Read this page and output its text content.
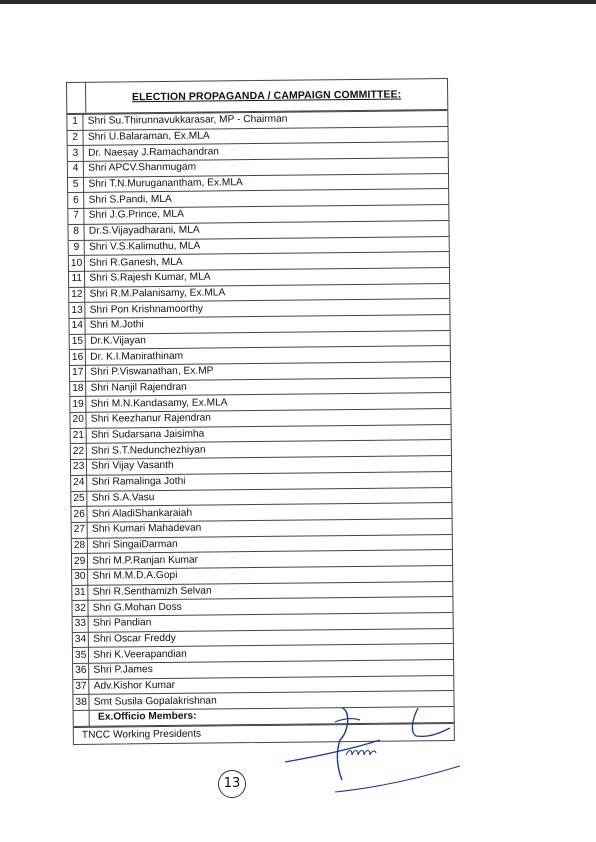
ELECTION PROPAGANDA / CAMPAIGN COMMITTEE:
1	Shri Su.Thirunnavukkarasar, MP - Chairman
2	Shri U.Balaraman, Ex.MLA
3	Dr. Naesay J.Ramachandran
4	Shri APCV.Shanmugam
5	Shri T.N.Muruganantham, Ex.MLA
6	Shri S.Pandi, MLA
7	Shri J.G.Prince, MLA
8	Dr.S.Vijayadharani, MLA
9	Shri V.S.Kalimuthu, MLA
10	Shri R.Ganesh, MLA
11	Shri S.Rajesh Kumar, MLA
12	Shri R.M.Palanisamy, Ex.MLA
13	Shri Pon Krishnamoorthy
14	Shri M.Jothi
15	Dr.K.Vijayan
16	Dr. K.I.Manirathinam
17	Shri P.Viswanathan, Ex.MP
18	Shri Nanjil Rajendran
19	Shri M.N.Kandasamy, Ex.MLA
20	Shri Keezhanur Rajendran
21	Shri Sudarsana Jaisimha
22	Shri S.T.Nedunchezhiyan
23	Shri Vijay Vasanth
24	Shri Ramalinga Jothi
25	Shri S.A.Vasu
26	Shri AladiShankaraiah
27	Shri Kumari Mahadevan
28	Shri SingaiDarman
29	Shri M.P.Ranjan Kumar
30	Shri M.M.D.A.Gopi
31	Shri R.Senthamizh Selvan
32	Shri G.Mohan Doss
33	Shri Pandian
34	Shri Oscar Freddy
35	Shri K.Veerapandian
36	Shri P.James
37	Adv.Kishor Kumar
38	Smt Susila Gopalakrishnan
	Ex.Officio Members:
TNCC Working Presidents
13
